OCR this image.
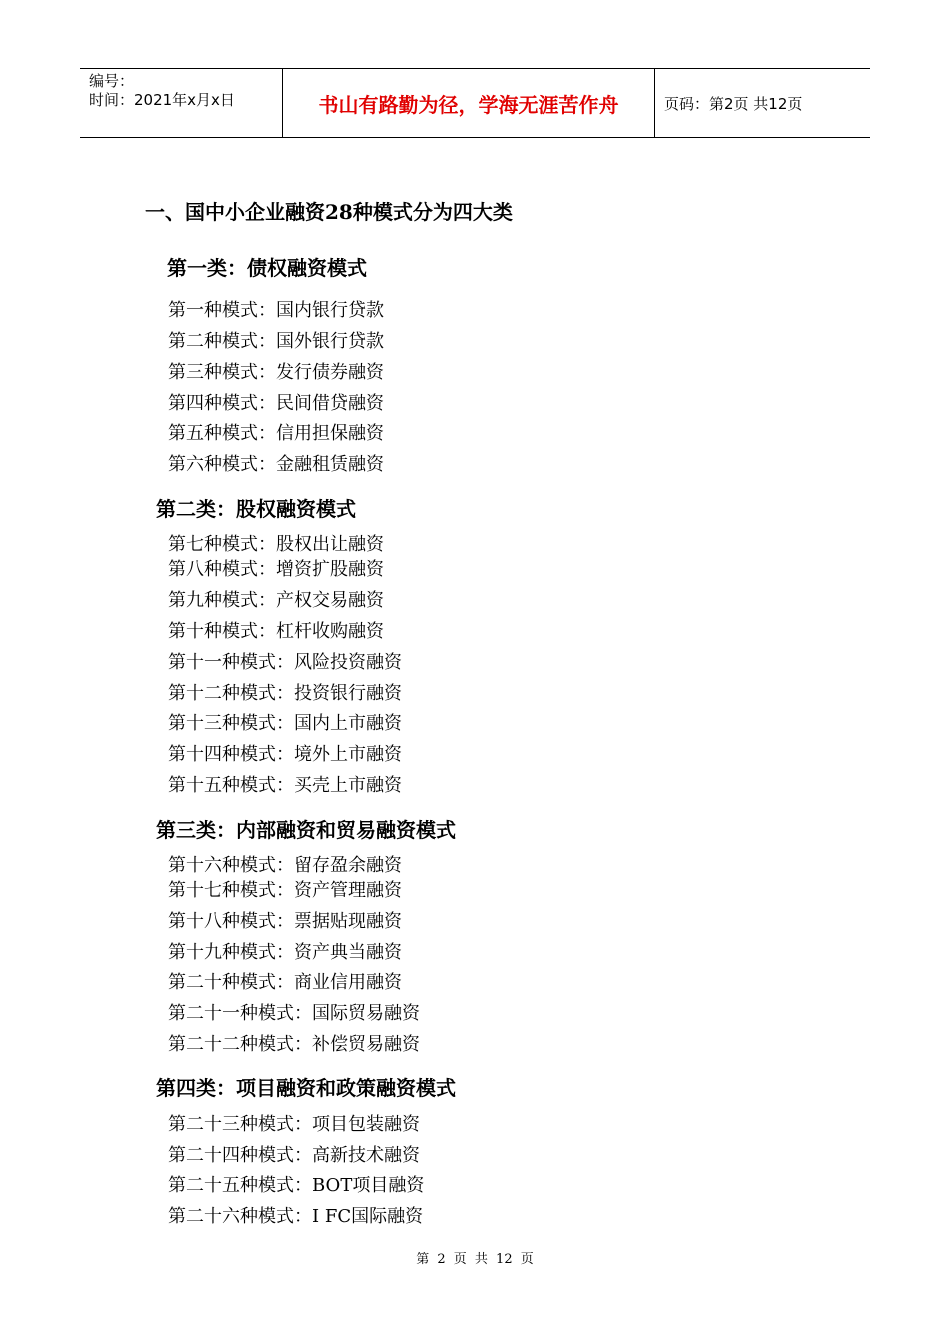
编号：
时间：2021年x月x日	书山有路勤为径，学海无涯苦作舟	页码：第2页 共12页
一、国中小企业融资28种模式分为四大类
第一类：债权融资模式
第一种模式：国内银行贷款
第二种模式：国外银行贷款
第三种模式：发行债券融资
第四种模式：民间借贷融资
第五种模式：信用担保融资
第六种模式：金融租赁融资
第二类：股权融资模式
第七种模式：股权出让融资
第八种模式：增资扩股融资
第九种模式：产权交易融资
第十种模式：杠杆收购融资
第十一种模式：风险投资融资
第十二种模式：投资银行融资
第十三种模式：国内上市融资
第十四种模式：境外上市融资
第十五种模式：买壳上市融资
第三类：内部融资和贸易融资模式
第十六种模式：留存盈余融资
第十七种模式：资产管理融资
第十八种模式：票据贴现融资
第十九种模式：资产典当融资
第二十种模式：商业信用融资
第二十一种模式：国际贸易融资
第二十二种模式：补偿贸易融资
第四类：项目融资和政策融资模式
第二十三种模式：项目包装融资
第二十四种模式：高新技术融资
第二十五种模式：BOT项目融资
第二十六种模式：I FC国际融资
第 2 页 共 12 页
